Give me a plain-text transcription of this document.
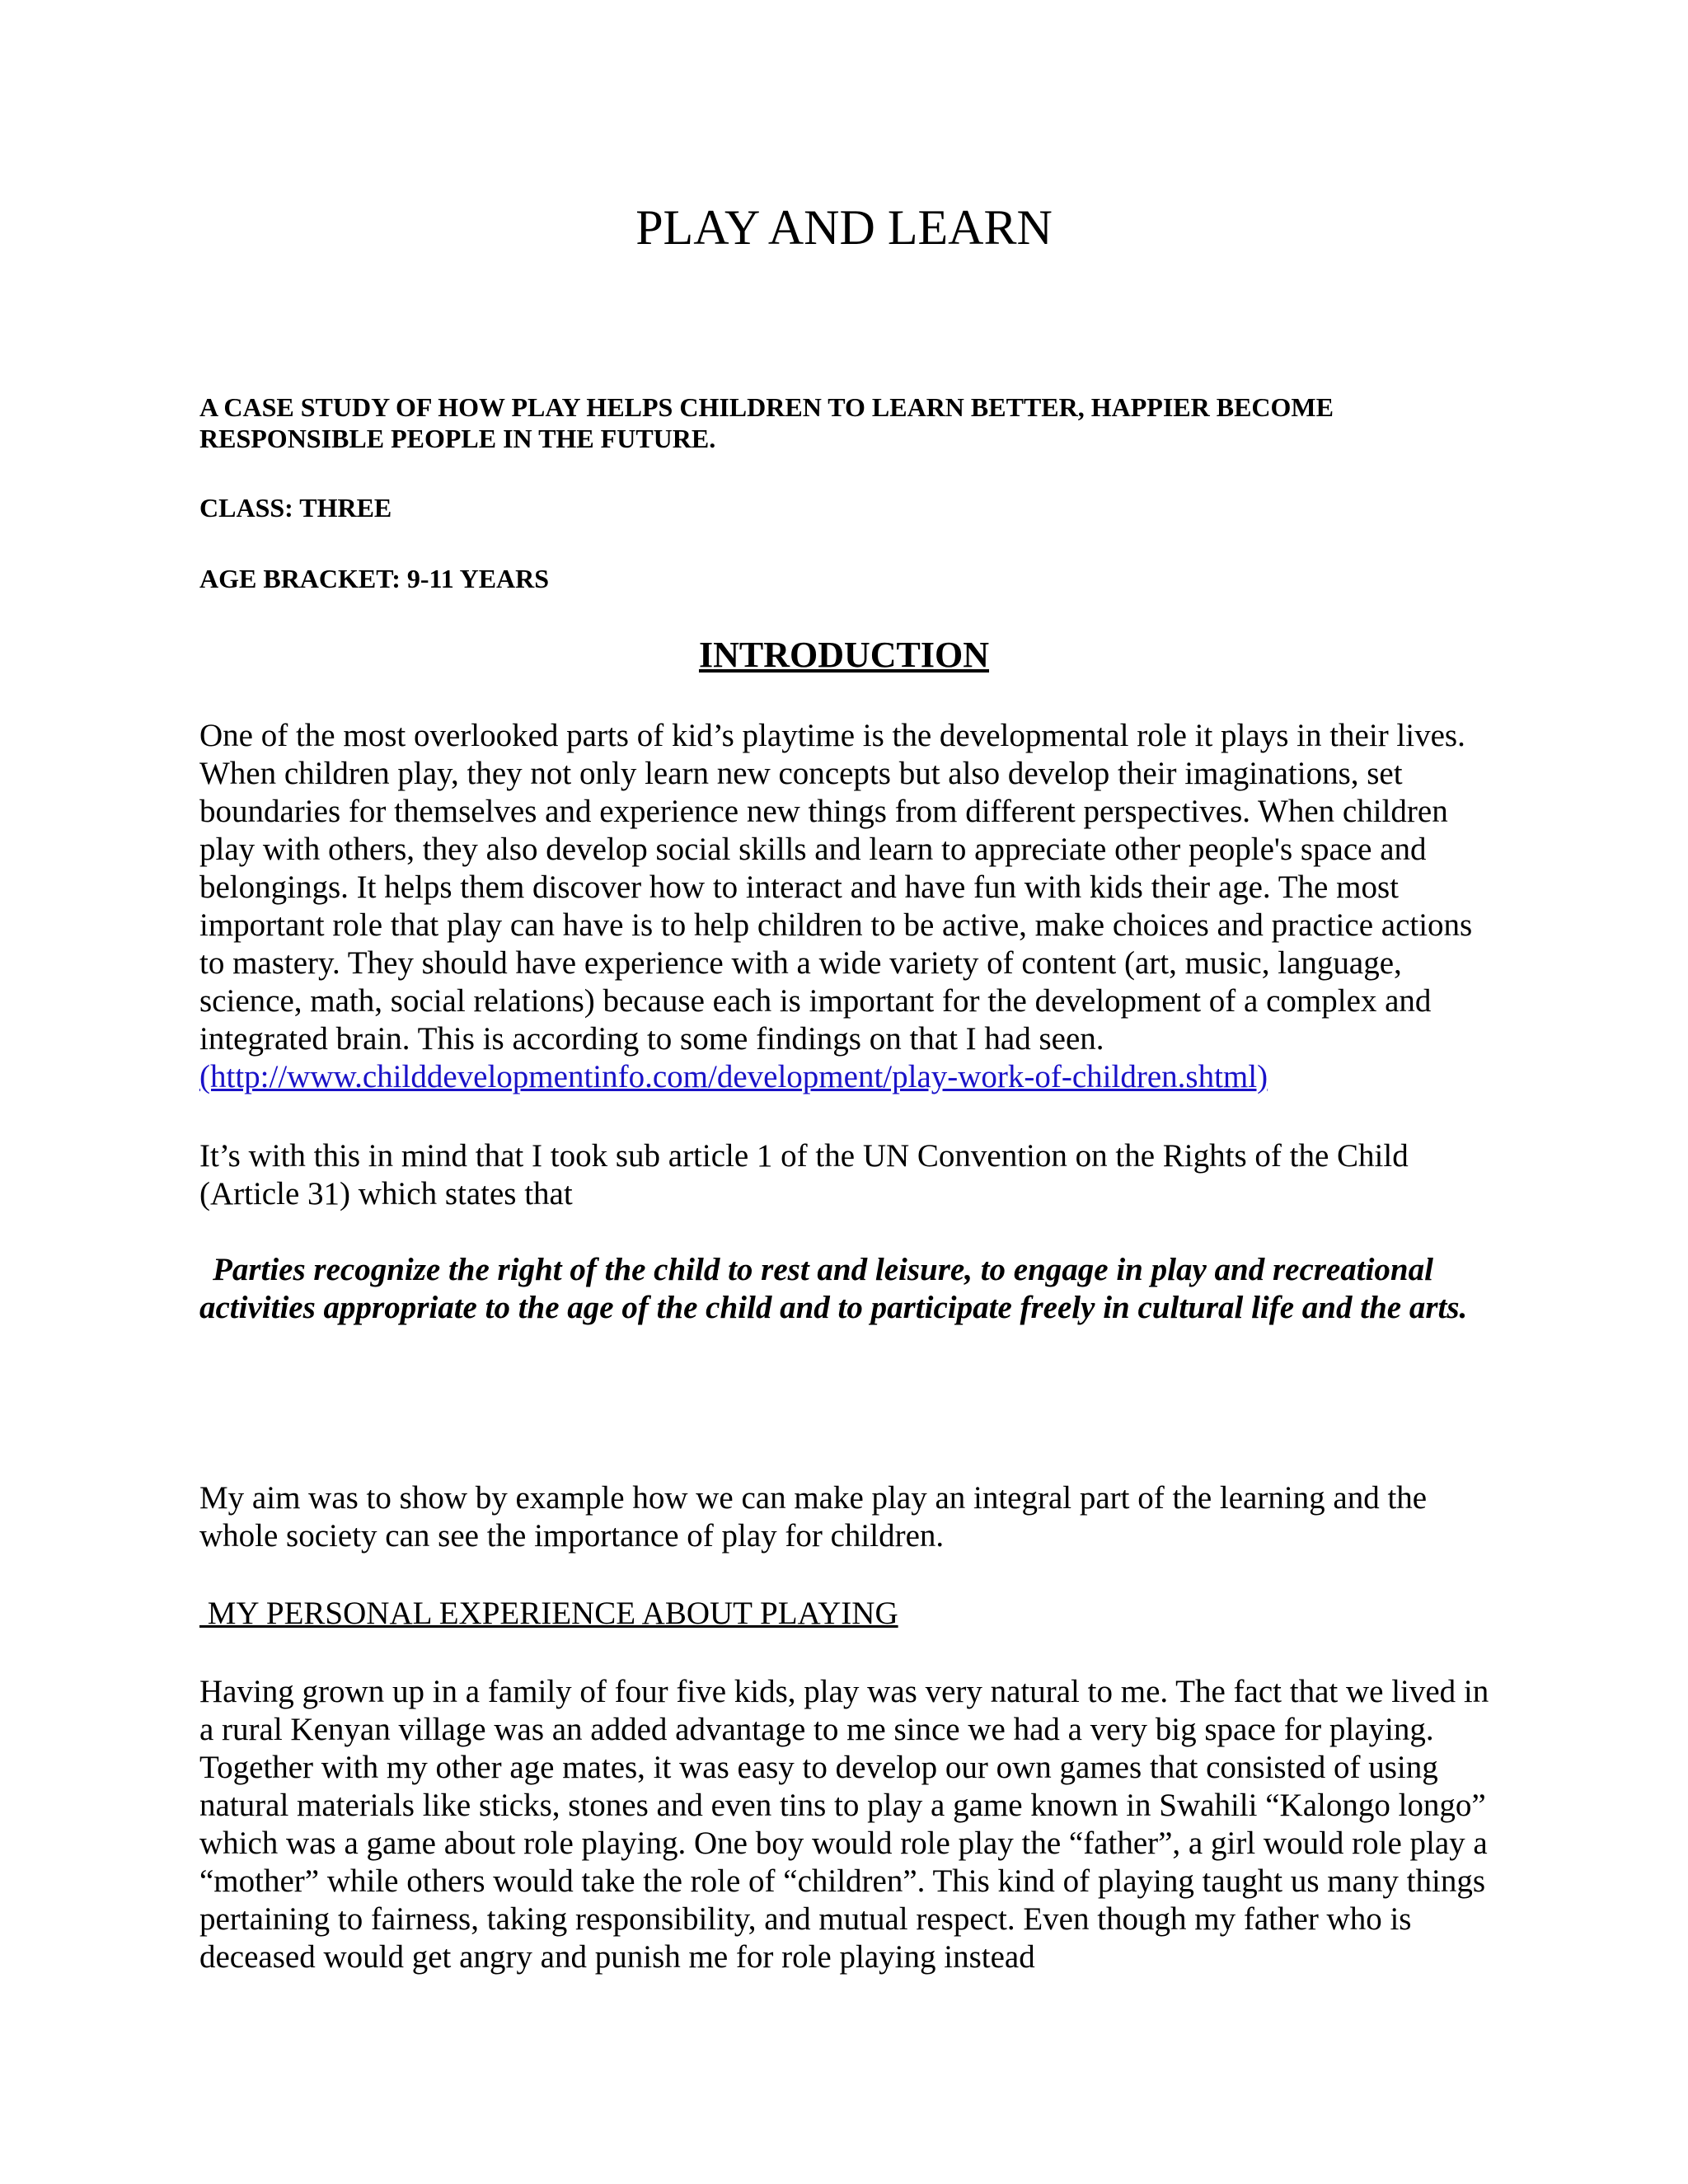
PLAY AND LEARN

A CASE STUDY OF HOW PLAY HELPS CHILDREN TO LEARN BETTER, HAPPIER BECOME RESPONSIBLE PEOPLE IN THE FUTURE.

CLASS: THREE

AGE BRACKET: 9-11 YEARS

INTRODUCTION

One of the most overlooked parts of kid’s playtime is the developmental role it plays in their lives. When children play, they not only learn new concepts but also develop their imaginations, set boundaries for themselves and experience new things from different perspectives. When children play with others, they also develop social skills and learn to appreciate other people's space and belongings. It helps them discover how to interact and have fun with kids their age. The most important role that play can have is to help children to be active, make choices and practice actions to mastery. They should have experience with a wide variety of content (art, music, language, science, math, social relations) because each is important for the development of a complex and integrated brain. This is according to some findings on that I had seen. (http://www.childdevelopmentinfo.com/development/play-work-of-children.shtml)

It’s with this in mind that I took sub article 1 of the UN Convention on the Rights of the Child (Article 31) which states that

Parties recognize the right of the child to rest and leisure, to engage in play and recreational activities appropriate to the age of the child and to participate freely in cultural life and the arts.

My aim was to show by example how we can make play an integral part of the learning and the whole society can see the importance of play for children.

MY PERSONAL EXPERIENCE ABOUT PLAYING

Having grown up in a family of four five kids, play was very natural to me. The fact that we lived in a rural Kenyan village was an added advantage to me since we had a very big space for playing. Together with my other age mates, it was easy to develop our own games that consisted of using natural materials like sticks, stones and even tins to play a game known in Swahili “Kalongo longo” which was a game about role playing. One boy would role play the “father”, a girl would role play a “mother” while others would take the role of “children”. This kind of playing taught us many things pertaining to fairness, taking responsibility, and mutual respect. Even though my father who is deceased would get angry and punish me for role playing instead
